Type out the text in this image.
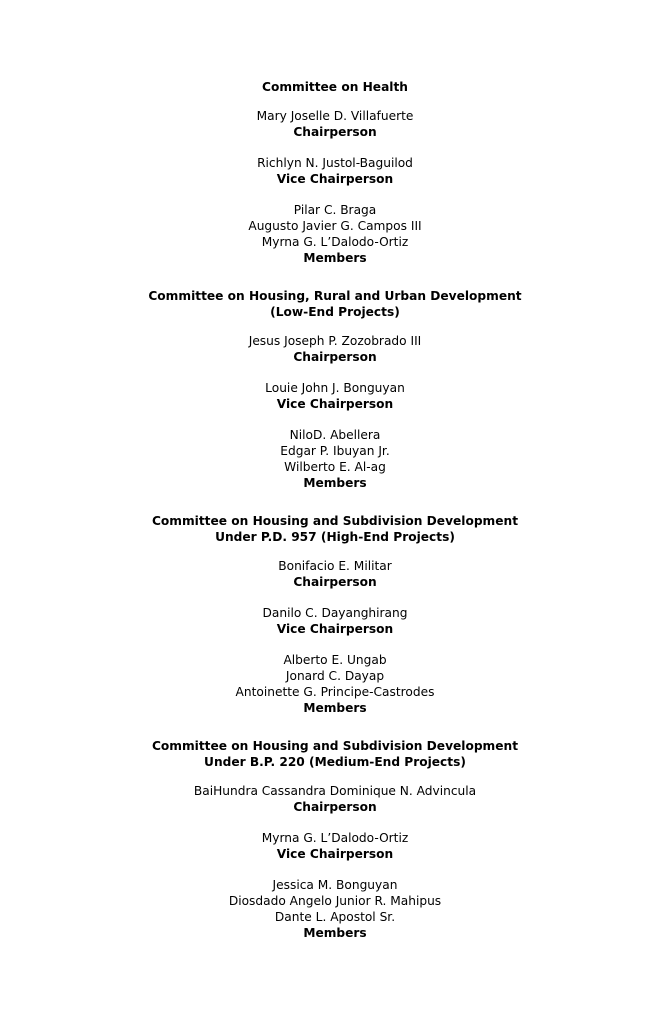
Committee on Health
Mary Joselle D. Villafuerte
Chairperson
Richlyn N. Justol-Baguilod
Vice Chairperson
Pilar C. Braga
Augusto Javier G. Campos III
Myrna G. L’Dalodo-Ortiz
Members
Committee on Housing, Rural and Urban Development
(Low-End Projects)
Jesus Joseph P. Zozobrado III
Chairperson
Louie John J. Bonguyan
Vice Chairperson
NiloD. Abellera
Edgar P. Ibuyan Jr.
Wilberto E. Al-ag
Members
Committee on Housing and Subdivision Development
Under P.D. 957 (High-End Projects)
Bonifacio E. Militar
Chairperson
Danilo C. Dayanghirang
Vice Chairperson
Alberto E. Ungab
Jonard C. Dayap
Antoinette G. Principe-Castrodes
Members
Committee on Housing and Subdivision Development
Under B.P. 220 (Medium-End Projects)
BaiHundra Cassandra Dominique N. Advincula
Chairperson
Myrna G. L’Dalodo-Ortiz
Vice Chairperson
Jessica M. Bonguyan
Diosdado Angelo Junior R. Mahipus
Dante L. Apostol Sr.
Members
